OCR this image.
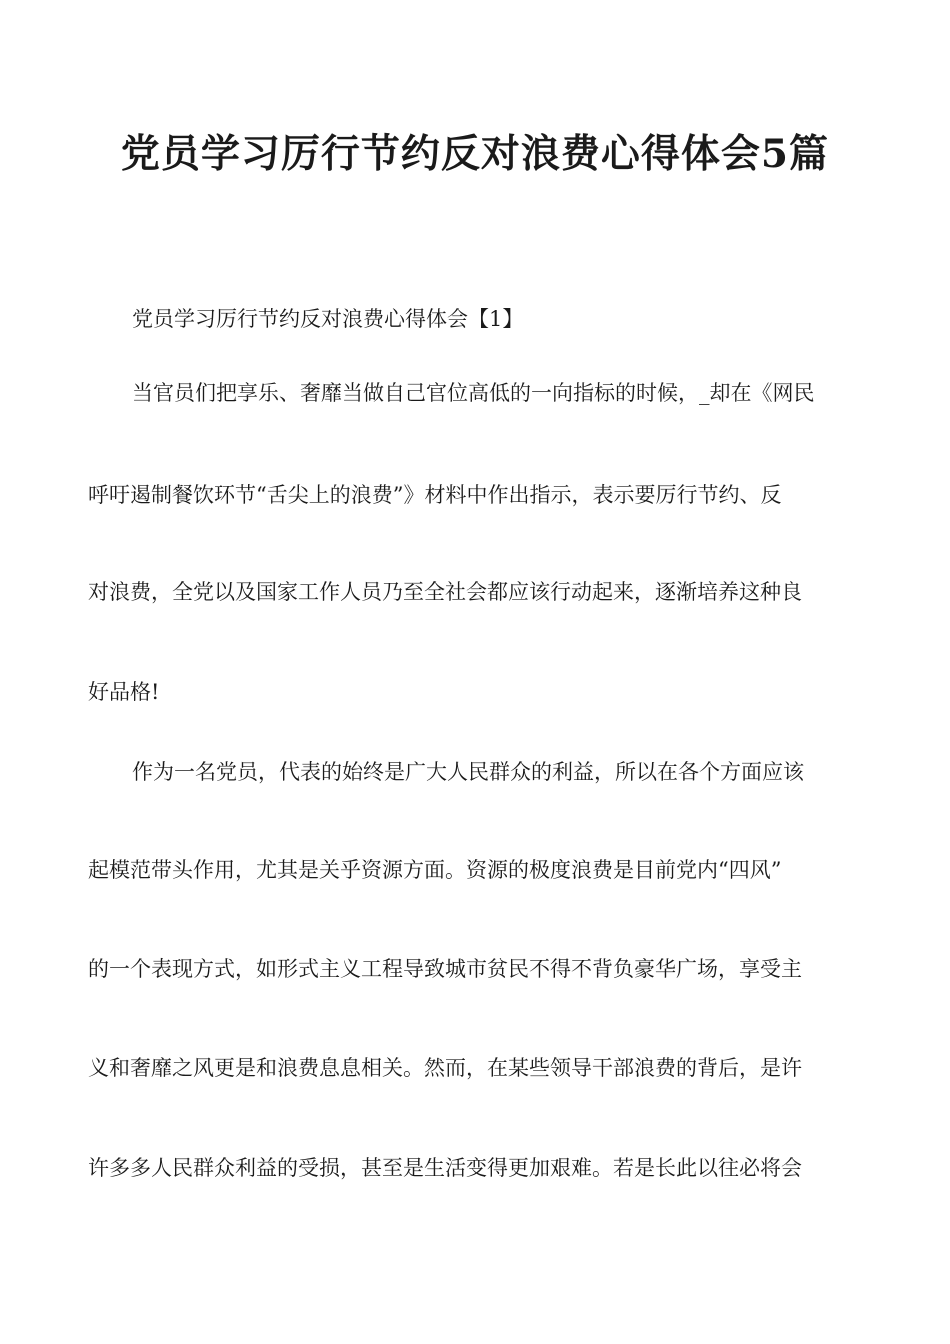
党员学习厉行节约反对浪费心得体会5篇

党员学习厉行节约反对浪费心得体会【1】

当官员们把享乐、奢靡当做自己官位高低的一向指标的时候，_却在《网民

呼吁遏制餐饮环节“舌尖上的浪费”》材料中作出指示，表示要厉行节约、反

对浪费，全党以及国家工作人员乃至全社会都应该行动起来，逐渐培养这种良

好品格!

作为一名党员，代表的始终是广大人民群众的利益，所以在各个方面应该

起模范带头作用，尤其是关乎资源方面。资源的极度浪费是目前党内“四风”

的一个表现方式，如形式主义工程导致城市贫民不得不背负豪华广场，享受主

义和奢靡之风更是和浪费息息相关。然而，在某些领导干部浪费的背后，是许

许多多人民群众利益的受损，甚至是生活变得更加艰难。若是长此以往必将会
